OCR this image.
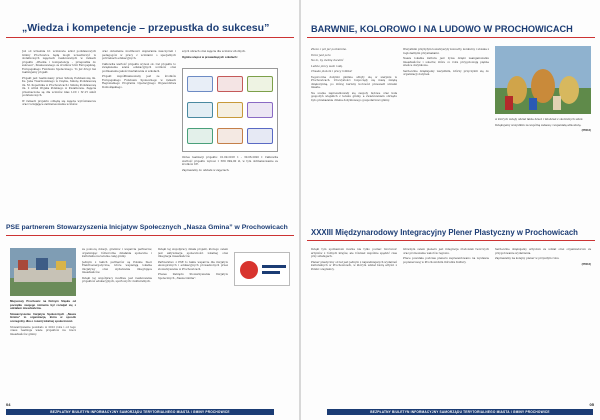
„Wiedza i kompetencje – przepustka do sukcesu”

Już od września br. uczniowie szkół podstawowych Gminy Prochowice będą mogli uczestniczyć w dodatkowych zajęciach realizowanych w ramach projektu „Wiedza i kompetencje – przepustka do sukcesu”, finansowanego ze środków Unii Europejskiej, Europejskiego Funduszu Społecznego. To już drugi raz realizujemy projekt.

Projekt jest realizowany przez Szkołę Podstawową im. Ks. Jana Twardowskiego w Cząbie, Szkołę Podstawową im. M. Kopernika w Prochowicach i Szkołę Podstawową im. 2 Armii Wojska Polskiego w Kwiatkowie. Zajęcia przeznaczone są dla uczniów klas I–III i IV–VI szkół podstawowych.

W ramach projektu odbędą się zajęcia wyrównawcze oraz rozwijające zainteresowania uczniów.

oraz określenie możliwości wspierania nauczycieli i pedagogów w pracy z uczniami o specjalnych potrzebach edukacyjnych.

Całkowita wartość projektu wynosi ok. Cel projektu to zwiększenie szans edukacyjnych uczniów oraz podniesienie jakości kształcenia w szkołach.

Projekt współfinansowany jest ze środków Europejskiego Funduszu Społecznego w ramach Regionalnego Programu Operacyjnego Województwa Dolnośląskiego.

szych ulicach oraz zajęcia dla uczniów zdolnych.

Ogólne ulepsz w prowadzących szkołach:

Okres realizacji projektu: 01.09.2018 r. – 30.06.2020 r. Całkowita wartość projektu wynosi 1 589 849,00 zł, w tym dofinansowanie ze środków UE.

Zapraszamy do udziału w zajęciach.

PSE partnerem Stowarzyszenia Inicjatyw Społecznych „Nasza Gmina” w Prochowicach

Miejscowy Prochowic na Dolnym Śląsku od początku swojego istnienia był rozwijał się z udziałem mieszkańców.

Stowarzyszenie Inicjatyw Społecznych „Nasza Gmina” to organizacja, która w sposób szczególny dba o rozwój lokalnej społeczności.

Stowarzyszenie powstało w 2012 roku i od tego czasu realizuje wiele projektów na rzecz mieszkańców gminy.

za pomocą dotacji, grantów i wsparcia partnerów, organizując różnorodne działania społeczne i kulturalne na terenie całej gminy.

Jednym z takich partnerów są Polskie Sieci Elektroenergetyczne, które wspierają lokalne inicjatywy oraz wydarzenia integrujące mieszkańców.

Dzięki tej współpracy możliwe jest realizowanie projektów edukacyjnych, sportowych i kulturalnych.

Dzięki tej współpracy działa projekt, którego celem jest aktywizacja społeczności lokalnej oraz integracja mieszkańców.

Partnerstwo z PSE to także wsparcie dla inicjatyw ekologicznych i edukacyjnych prowadzonych przez stowarzyszenie w Prochowicach.

Prezes Zarządu Stowarzyszenia Inicjatyw Społecznych „Nasza Gmina”.

BEZPŁATNY BIULETYN INFORMACYJNY SAMORZĄDU TERYTORIALNEGO MIASTA I GMINY PROCHOWICE
04
BARWNIE, KOLOROWO I NA LUDOWO W PROCHOWICACH

Zboże z pól już pozbierane.

Teraz jest pora

Na to, by ziemię docenić

Ludzie pracy wam i siłę.

Chwała plonom i pracy rolnika!

Tegoroczne dożynki gminne odbyły się w sierpniu w Prochowicach. Uroczystości rozpoczęły się mszą świętą dziękczynną, po której barwny korowód przeszedł ulicami miasta.

Na scenie zaprezentowały się zespoły ludowe oraz koła gospodyń wiejskich z terenu gminy, a zwieńczeniem obrzędu było przekazanie chleba dożynkowego gospodarzowi gminy.

Wszystkim przybyłym towarzyszyły koncerty, konkursy i stoiska z regionalnymi przysmakami.

Nasza lokalna kultura jest żywa dzięki zaangażowaniu mieszkańców i sołectw, które co roku przygotowują piękne wieńce dożynkowe.

Serdecznie dziękujemy wszystkim, którzy przyczynili się do organizacji dożynek.

w których wzięły udział także dzieci i młodzież z okolicznych szkół.

Dziękujemy wszystkim za wspólną zabawę i wspaniałą atmosferę.

(PDK3)

XXXIII Międzynarodowy Integracyjny Plener Plastyczny w Prochowicach

Dzięki tym spotkaniom można nie tylko poznać twórczość artystów z różnych krajów, ale również wspólnie spędzić czas przy sztalugach.

Plener plastyczny od lat jest jednym z najważniejszych wydarzeń kulturalnych w Prochowicach, w którym udział biorą artyści z Polski i zagranicy.

Głównym celem pleneru jest integracja środowisk twórczych oraz promowanie walorów regionu.

Prace powstałe podczas pleneru zaprezentowano na wystawie poplenerowej w Prochowickim Ośrodku Kultury.

Serdecznie dziękujemy artystom za udział oraz organizatorom za przygotowanie wydarzenia.

Zapraszamy na kolejny plener w przyszłym roku.

(PDK3)

BEZPŁATNY BIULETYN INFORMACYJNY SAMORZĄDU TERYTORIALNEGO MIASTA I GMINY PROCHOWICE
05
